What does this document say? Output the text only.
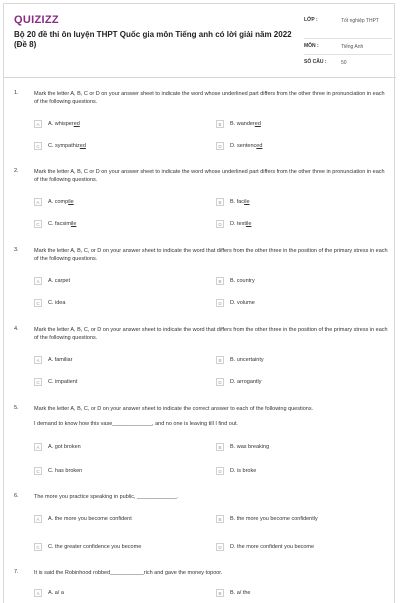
QUIZIZZ
Bộ 20 đề thi ôn luyện THPT Quốc gia môn Tiếng anh có lời giải năm 2022 (Đề 8)
LỚP :	Tốt nghiệp THPT
MÔN :	Tiếng Anh
SỐ CÂU :	50
1.	Mark the letter A, B, C or D on your answer sheet to indicate the word whose underlined part differs from the other three in pronunciation in each of the following questions.
A	A. whispered	B	B. wandered
C	C. sympathized	D	D. sentenced
2.	Mark the letter A, B, C or D on your answer sheet to indicate the word whose underlined part differs from the other three in pronunciation in each of the following questions.
A	A. compile	B	B. facile
C	C. facsimile	D	D. textile
3.	Mark the letter A, B, C, or D on your answer sheet to indicate the word that differs from the other three in the position of the primary stress in each of the following questions.
A	A. carpet	B	B. country
C	C. idea	D	D. volume
4.	Mark the letter A, B, C, or D on your answer sheet to indicate the word that differs from the other three in the position of the primary stress in each of the following questions.
A	A. familiar	B	B. uncertainty
C	C. impatient	D	D. arrogantly
5.	Mark the letter A, B, C, or D on your answer sheet to indicate the correct answer to each of the following questions.
I demand to know how this vase_____________, and no one is leaving till I find out.
A	A. got broken	B	B. was breaking
C	C. has broken	D	D. is broke
6.	The more you practice speaking in public, _____________.
A	A. the more you become confident	B	B. the more you become confidently
C	C. the greater confidence you become	D	D. the more confident you become
7.	It is said the Robinhood robbed___________rich and gave the money topoor.
A	A. a/ a	B	B. a/ the
